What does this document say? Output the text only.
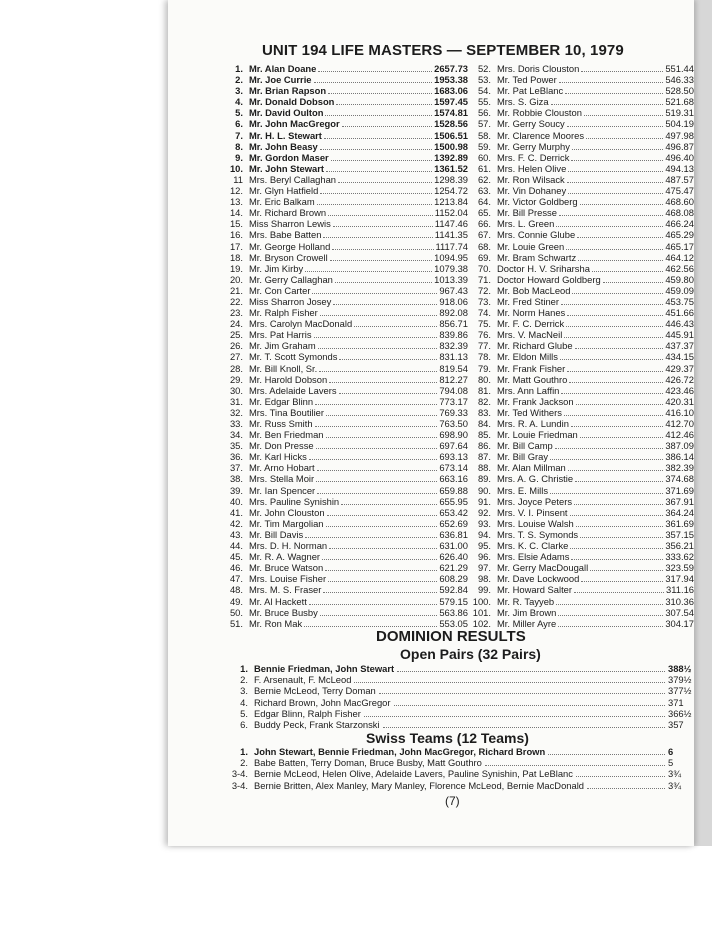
UNIT 194 LIFE MASTERS — SEPTEMBER 10, 1979
1. Mr. Alan Doane	2657.73
2. Mr. Joe Currie	1953.38
3. Mr. Brian Rapson	1683.06
4. Mr. Donald Dobson	1597.45
5. Mr. David Oulton	1574.81
6. Mr. John MacGregor	1528.56
7. Mr. H. L. Stewart	1506.51
8. Mr. John Beasy	1500.98
9. Mr. Gordon Maser	1392.89
10. Mr. John Stewart	1361.52
11 Mrs. Beryl Callaghan	1298.39
12. Mr. Glyn Hatfield	1254.72
13. Mr. Eric Balkam	1213.84
14. Mr. Richard Brown	1152.04
15. Miss Sharron Lewis	1147.46
16. Mrs. Babe Batten	1141.35
17. Mr. George Holland	1117.74
18. Mr. Bryson Crowell	1094.95
19. Mr. Jim Kirby	1079.38
20. Mr. Gerry Callaghan	1013.39
21. Mr. Con Carter	967.43
22. Miss Sharron Josey	918.06
23. Mr. Ralph Fisher	892.08
24. Mrs. Carolyn MacDonald	856.71
25. Mrs. Pat Harris	839.86
26. Mr. Jim Graham	832.39
27. Mr. T. Scott Symonds	831.13
28. Mr. Bill Knoll, Sr.	819.54
29. Mr. Harold Dobson	812.27
30. Mrs. Adelaide Lavers	794.08
31. Mr. Edgar Blinn	773.17
32. Mrs. Tina Boutilier	769.33
33. Mr. Russ Smith	763.50
34. Mr. Ben Friedman	698.90
35. Mr. Don Presse	697.64
36. Mr. Karl Hicks	693.13
37. Mr. Arno Hobart	673.14
38. Mrs. Stella Moir	663.16
39. Mr. Ian Spencer	659.88
40. Mrs. Pauline Synishin	655.95
41. Mr. John Clouston	653.42
42. Mr. Tim Margolian	652.69
43. Mr. Bill Davis	636.81
44. Mrs. D. H. Norman	631.00
45. Mr. R. A. Wagner	626.40
46. Mr. Bruce Watson	621.29
47. Mrs. Louise Fisher	608.29
48. Mrs. M. S. Fraser	592.84
49. Mr. Al Hackett	579.15
50. Mr. Bruce Busby	563.86
51. Mr. Ron Mak	553.05
52. Mrs. Doris Clouston	551.44
53. Mr. Ted Power	546.33
54. Mr. Pat LeBlanc	528.50
55. Mrs. S. Giza	521.68
56. Mr. Robbie Clouston	519.31
57. Mr. Gerry Soucy	504.19
58. Mr. Clarence Moores	497.98
59. Mr. Gerry Murphy	496.87
60. Mrs. F. C. Derrick	496.40
61. Mrs. Helen Olive	494.13
62. Mr. Ron Wilsack	487.57
63. Mr. Vin Dohaney	475.47
64. Mr. Victor Goldberg	468.60
65. Mr. Bill Presse	468.08
66. Mrs. L. Green	466.24
67. Mrs. Connie Glube	465.29
68. Mr. Louie Green	465.17
69. Mr. Bram Schwartz	464.12
70. Doctor H. V. Sriharsha	462.56
71. Doctor Howard Goldberg	459.80
72. Mr. Bob MacLeod	459.09
73. Mr. Fred Stiner	453.75
74. Mr. Norm Hanes	451.66
75. Mr. F. C. Derrick	446.43
76. Mrs. V. MacNeil	445.91
77. Mr. Richard Glube	437.37
78. Mr. Eldon Mills	434.15
79. Mr. Frank Fisher	429.37
80. Mr. Matt Gouthro	426.72
81. Mrs. Ann Laffin	423.46
82. Mr. Frank Jackson	420.31
83. Mr. Ted Withers	416.10
84. Mrs. R. A. Lundin	412.70
85. Mr. Louie Friedman	412.46
86. Mr. Bill Camp	387.09
87. Mr. Bill Gray	386.14
88. Mr. Alan Millman	382.39
89. Mrs. A. G. Christie	374.68
90. Mrs. E. Mills	371.69
91. Mrs. Joyce Peters	367.91
92. Mrs. V. I. Pinsent	364.24
93. Mrs. Louise Walsh	361.69
94. Mrs. T. S. Symonds	357.15
95. Mrs. K. C. Clarke	356.21
96. Mrs. Elsie Adams	333.62
97. Mr. Gerry MacDougall	323.59
98. Mr. Dave Lockwood	317.94
99. Mr. Howard Salter	311.16
100. Mr. R. Tayyeb	310.36
101. Mr. Jim Brown	307.54
102. Mr. Miller Ayre	304.17
DOMINION RESULTS
Open Pairs (32 Pairs)
1. Bennie Friedman, John Stewart	388½
2. F. Arsenault, F. McLeod	379½
3. Bernie McLeod, Terry Doman	377½
4. Richard Brown, John MacGregor	371
5. Edgar Blinn, Ralph Fisher	366½
6. Buddy Peck, Frank Starzonski	357
Swiss Teams (12 Teams)
1. John Stewart, Bennie Friedman, John MacGregor, Richard Brown	6
2. Babe Batten, Terry Doman, Bruce Busby, Matt Gouthro	5
3-4. Bernie McLeod, Helen Olive, Adelaide Lavers, Pauline Synishin, Pat LeBlanc	3¾
3-4. Bernie Britten, Alex Manley, Mary Manley, Florence McLeod, Bernie MacDonald	3¾
(7)
